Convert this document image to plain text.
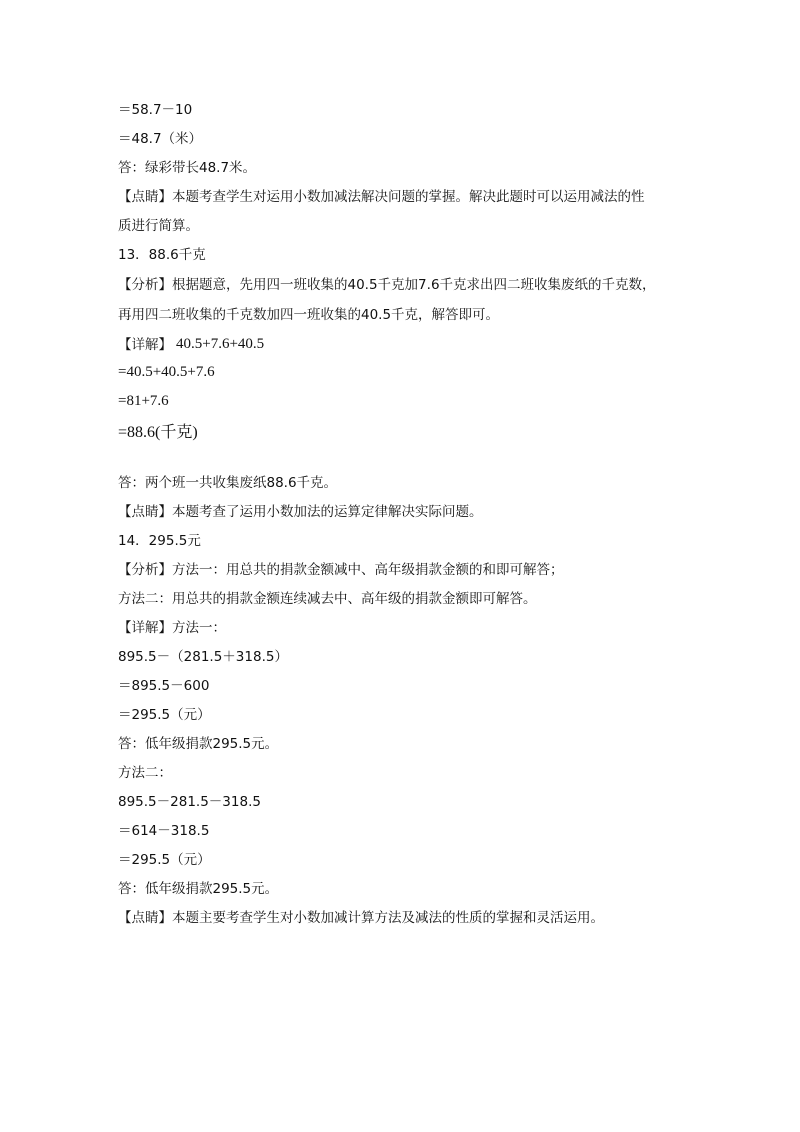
＝58.7－10
＝48.7（米）
答：绿彩带长48.7米。
【点睛】本题考查学生对运用小数加减法解决问题的掌握。解决此题时可以运用减法的性
质进行简算。
13．88.6千克
【分析】根据题意，先用四一班收集的40.5千克加7.6千克求出四二班收集废纸的千克数，
再用四二班收集的千克数加四一班收集的40.5千克，解答即可。
【详解】 40.5+7.6+40.5
=40.5+40.5+7.6
=81+7.6
=88.6(千克)
答：两个班一共收集废纸88.6千克。
【点睛】本题考查了运用小数加法的运算定律解决实际问题。
14．295.5元
【分析】方法一：用总共的捐款金额减中、高年级捐款金额的和即可解答；
方法二：用总共的捐款金额连续减去中、高年级的捐款金额即可解答。
【详解】方法一：
895.5－（281.5＋318.5）
＝895.5－600
＝295.5（元）
答：低年级捐款295.5元。
方法二：
895.5－281.5－318.5
＝614－318.5
＝295.5（元）
答：低年级捐款295.5元。
【点睛】本题主要考查学生对小数加减计算方法及减法的性质的掌握和灵活运用。
